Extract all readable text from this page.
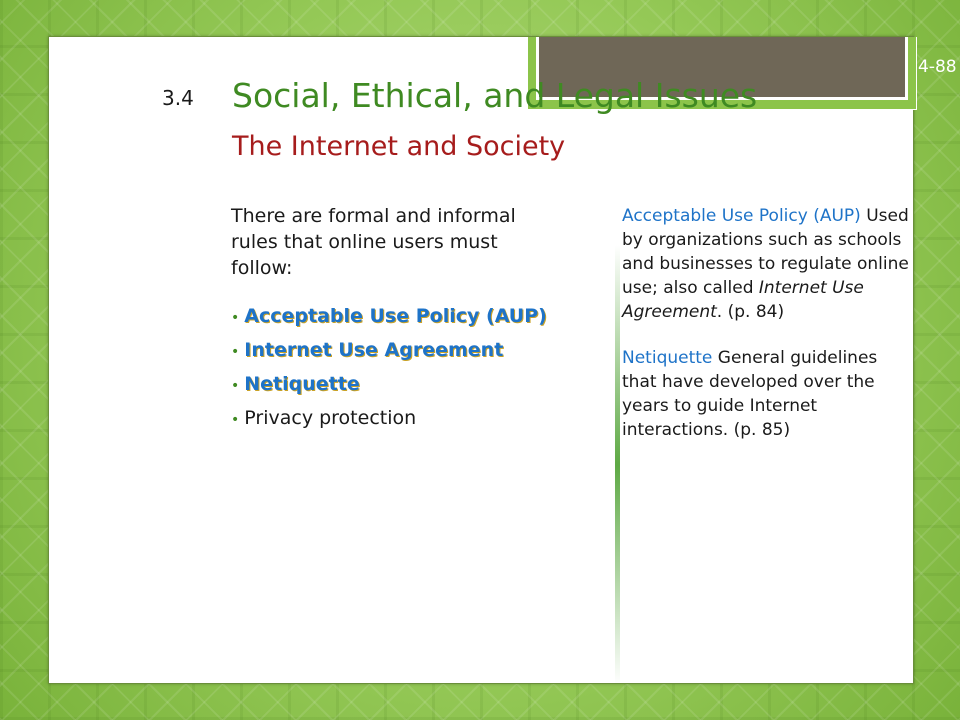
4-88
3.4 Social, Ethical, and Legal Issues
The Internet and Society

There are formal and informal rules that online users must follow:

• Acceptable Use Policy (AUP)
• Internet Use Agreement
• Netiquette
• Privacy protection

Acceptable Use Policy (AUP) Used by organizations such as schools and businesses to regulate online use; also called Internet Use Agreement. (p. 84)

Netiquette General guidelines that have developed over the years to guide Internet interactions. (p. 85)
